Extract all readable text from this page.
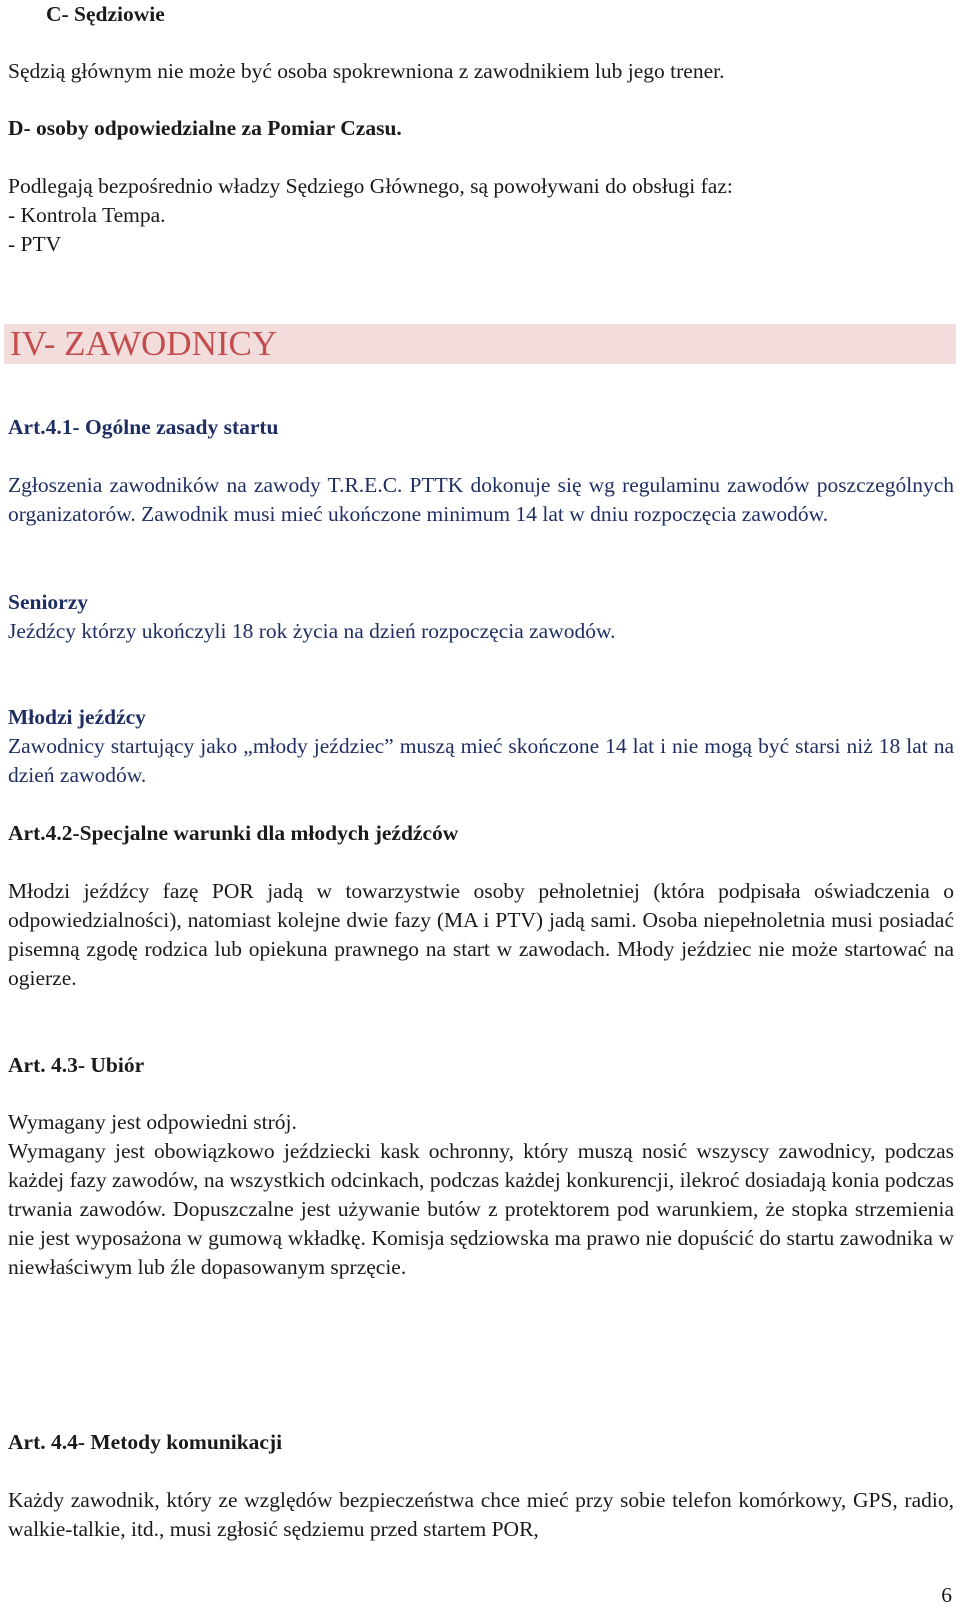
C- Sędziowie

Sędzią głównym nie może być osoba spokrewniona z zawodnikiem lub jego trener.

D- osoby odpowiedzialne za Pomiar Czasu.

Podlegają bezpośrednio władzy Sędziego Głównego, są powoływani do obsługi faz:

- Kontrola Tempa.

- PTV

IV- ZAWODNICY

Art.4.1- Ogólne zasady startu

Zgłoszenia zawodników na zawody T.R.E.C. PTTK dokonuje się wg regulaminu zawodów poszczególnych organizatorów. Zawodnik musi mieć ukończone minimum 14 lat w dniu rozpoczęcia zawodów.

Seniorzy

Jeźdźcy którzy ukończyli 18 rok życia na dzień rozpoczęcia zawodów.

Młodzi jeźdźcy

Zawodnicy startujący jako „młody jeździec” muszą mieć skończone 14 lat i nie mogą być starsi niż 18 lat na dzień zawodów.

Art.4.2-Specjalne warunki dla młodych jeźdźców

Młodzi jeźdźcy fazę POR jadą w towarzystwie osoby pełnoletniej (która podpisała oświadczenia o odpowiedzialności), natomiast kolejne dwie fazy (MA i PTV) jadą sami. Osoba niepełnoletnia musi posiadać pisemną zgodę rodzica lub opiekuna prawnego na start w zawodach. Młody jeździec nie może startować na ogierze.

Art. 4.3- Ubiór

Wymagany jest odpowiedni strój.

Wymagany jest obowiązkowo jeździecki kask ochronny, który muszą nosić wszyscy zawodnicy, podczas każdej fazy zawodów, na wszystkich odcinkach, podczas każdej konkurencji, ilekroć dosiadają konia podczas trwania zawodów. Dopuszczalne jest używanie butów z protektorem pod warunkiem, że stopka strzemienia nie jest wyposażona w gumową wkładkę. Komisja sędziowska ma prawo nie dopuścić do startu zawodnika w niewłaściwym lub źle dopasowanym sprzęcie.

Art. 4.4- Metody komunikacji

Każdy zawodnik, który ze względów bezpieczeństwa chce mieć przy sobie telefon komórkowy, GPS, radio, walkie-talkie, itd., musi zgłosić sędziemu przed startem POR,

6
